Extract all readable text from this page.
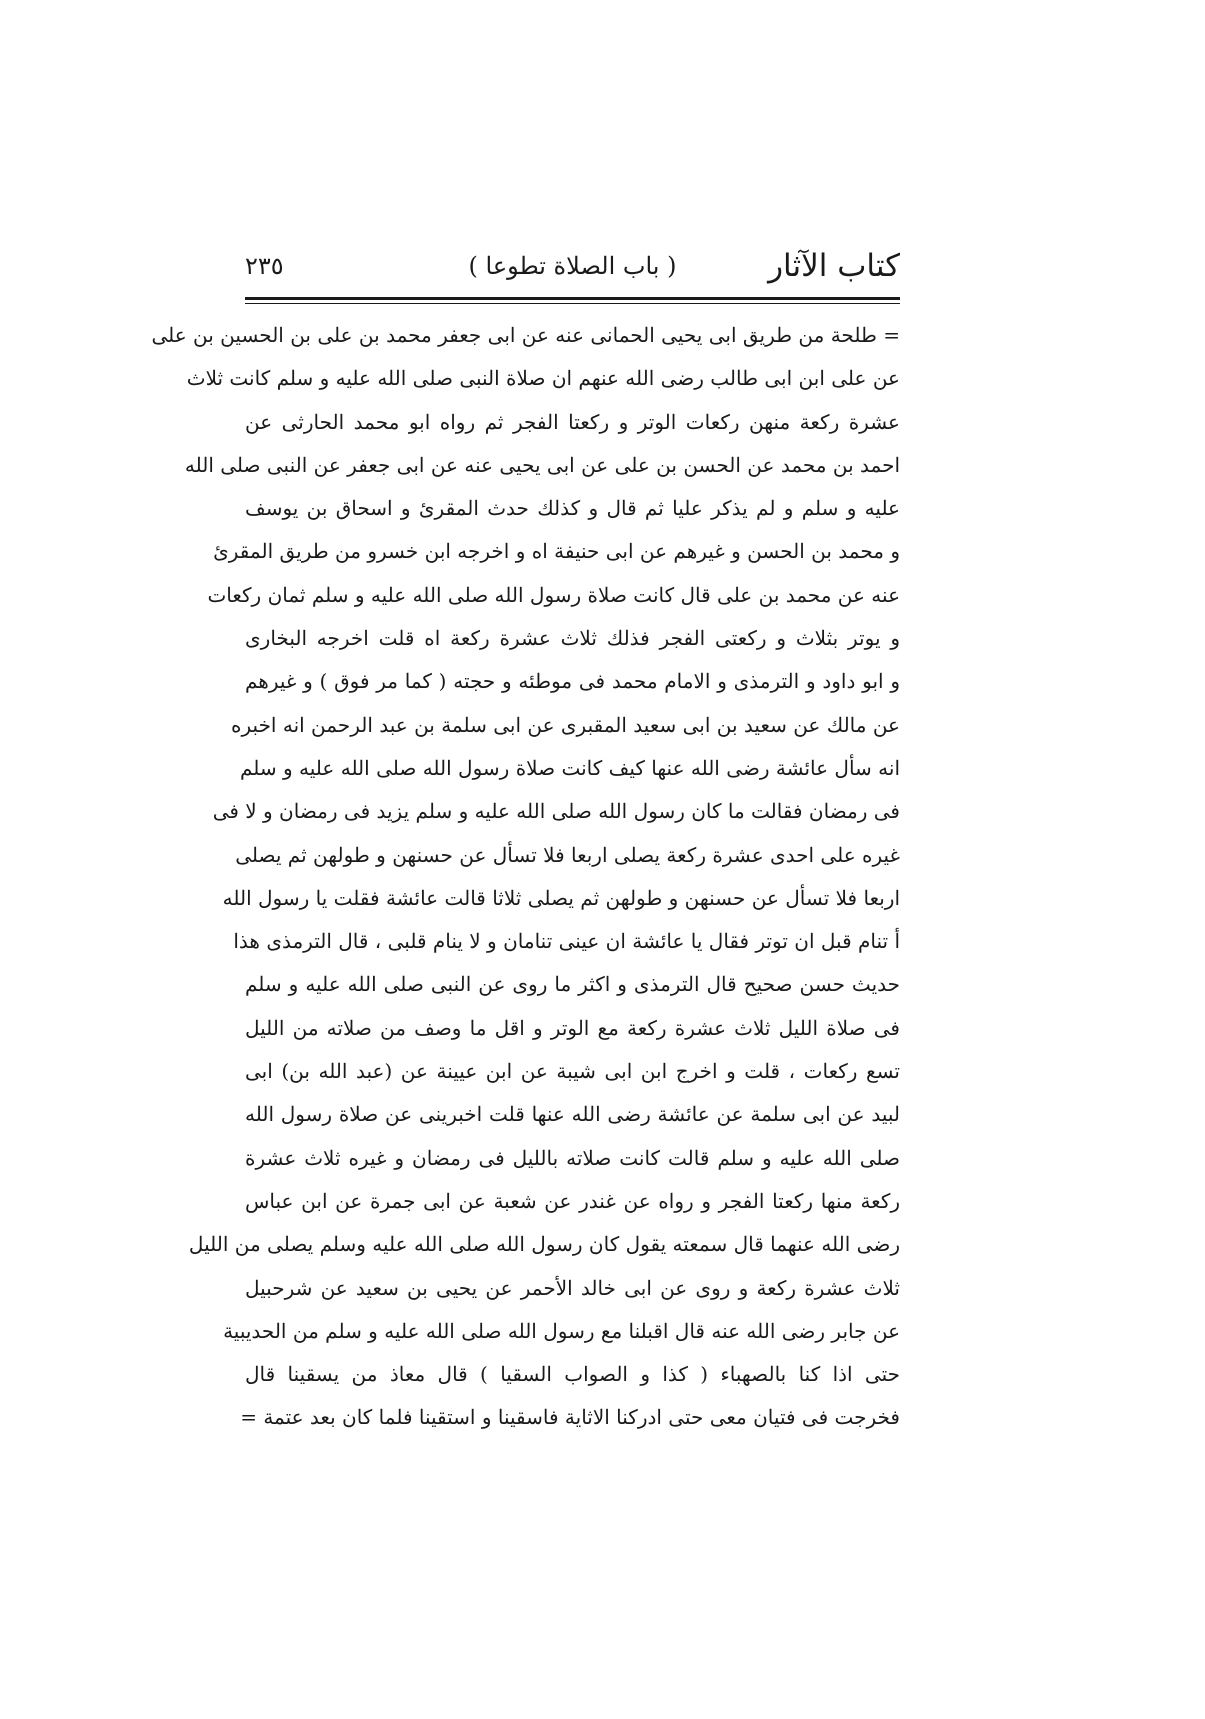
كتاب الآثار
( باب الصلاة تطوعا )
٢٣٥
= طلحة من طريق ابی يحيی الحمانی عنه عن ابی جعفر محمد بن علی بن الحسين بن علی
عن علی ابن ابی طالب رضی الله عنهم ان صلاة النبی صلی الله عليه و سلم كانت ثلاث
عشرة ركعة منهن ركعات الوتر و ركعتا الفجر ثم رواه ابو محمد الحارثی عن
احمد بن محمد عن الحسن بن علی عن ابی يحيی عنه عن ابی جعفر عن النبی صلی الله
عليه و سلم و لم يذكر عليا ثم قال و كذلك حدث المقرئ و اسحاق بن يوسف
و محمد بن الحسن و غيرهم عن ابی حنيفة اه و اخرجه ابن خسرو من طريق المقرئ
عنه عن محمد بن علی قال كانت صلاة رسول الله صلی الله عليه و سلم ثمان ركعات
و يوتر بثلاث و ركعتی الفجر فذلك ثلاث عشرة ركعة اه قلت اخرجه البخاری
و ابو داود و الترمذی و الامام محمد فی موطئه و حجته ( كما مر فوق ) و غيرهم
عن مالك عن سعيد بن ابی سعيد المقبری عن ابی سلمة بن عبد الرحمن انه اخبره
انه سأل عائشة رضی الله عنها كيف كانت صلاة رسول الله صلی الله عليه و سلم
فی رمضان فقالت ما كان رسول الله صلی الله عليه و سلم يزيد فی رمضان و لا فی
غيره علی احدی عشرة ركعة يصلی اربعا فلا تسأل عن حسنهن و طولهن ثم يصلی
اربعا فلا تسأل عن حسنهن و طولهن ثم يصلی ثلاثا قالت عائشة فقلت يا رسول الله
أ تنام قبل ان توتر فقال يا عائشة ان عينی تنامان و لا ينام قلبی ، قال الترمذی هذا
حديث حسن صحيح قال الترمذی و اكثر ما روی عن النبی صلی الله عليه و سلم
فی صلاة الليل ثلاث عشرة ركعة مع الوتر و اقل ما وصف من صلاته من الليل
تسع ركعات ، قلت و اخرج ابن ابی شيبة عن ابن عيينة عن (عبد الله بن) ابی
لبيد عن ابی سلمة عن عائشة رضی الله عنها قلت اخبرينی عن صلاة رسول الله
صلی الله عليه و سلم قالت كانت صلاته بالليل فی رمضان و غيره ثلاث عشرة
ركعة منها ركعتا الفجر و رواه عن غندر عن شعبة عن ابی جمرة عن ابن عباس
رضی الله عنهما قال سمعته يقول كان رسول الله صلی الله عليه وسلم يصلی من الليل
ثلاث عشرة ركعة و روی عن ابی خالد الأحمر عن يحيی بن سعيد عن شرحبيل
عن جابر رضی الله عنه قال اقبلنا مع رسول الله صلی الله عليه و سلم من الحديبية
حتی اذا كنا بالصهباء ( كذا و الصواب السقيا ) قال معاذ من يسقينا قال
فخرجت فی فتيان معی حتی ادركنا الاثاية فاسقينا و استقينا فلما كان بعد عتمة =
